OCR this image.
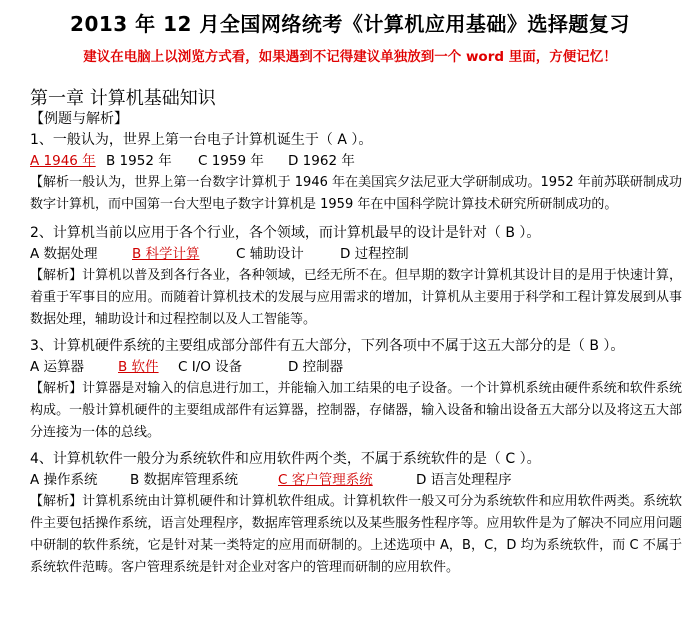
2013 年 12 月全国网络统考《计算机应用基础》选择题复习
建议在电脑上以浏览方式看，如果遇到不记得建议单独放到一个 word 里面，方便记忆！
第一章 计算机基础知识
【例题与解析】
1、一般认为，世界上第一台电子计算机诞生于（ A ）。
A 1946 年 B 1952 年 C 1959 年 D 1962 年
【解析一般认为，世界上第一台数字计算机于 1946 年在美国宾夕法尼亚大学研制成功。1952 年前苏联研制成功数字计算机，而中国第一台大型电子数字计算机是 1959 年在中国科学院计算技术研究所研制成功的。
2、计算机当前以应用于各个行业，各个领域，而计算机最早的设计是针对（ B ）。
A 数据处理	B 科学计算	C 辅助设计	D 过程控制
【解析】计算机以普及到各行各业，各种领域，已经无所不在。但早期的数字计算机其设计目的是用于快速计算，着重于军事目的应用。而随着计算机技术的发展与应用需求的增加，计算机从主要用于科学和工程计算发展到从事数据处理，辅助设计和过程控制以及人工智能等。
3、计算机硬件系统的主要组成部分部件有五大部分，下列各项中不属于这五大部分的是（ B ）。
A 运算器	B 软件 C I/O 设备	D 控制器
【解析】计算器是对输入的信息进行加工，并能输入加工结果的电子设备。一个计算机系统由硬件系统和软件系统构成。一般计算机硬件的主要组成部件有运算器，控制器，存储器，输入设备和输出设备五大部分以及将这五大部分连接为一体的总线。
4、计算机软件一般分为系统软件和应用软件两个类，不属于系统软件的是（ C ）。
A 操作系统 B 数据库管理系统	C 客户管理系统	D 语言处理程序
【解析】计算机系统由计算机硬件和计算机软件组成。计算机软件一般又可分为系统软件和应用软件两类。系统软件主要包括操作系统，语言处理程序，数据库管理系统以及某些服务性程序等。应用软件是为了解决不同应用问题中研制的软件系统，它是针对某一类特定的应用而研制的。上述选项中 A，B，C，D 均为系统软件，而 C 不属于系统软件范畴。客户管理系统是针对企业对客户的管理而研制的应用软件。
